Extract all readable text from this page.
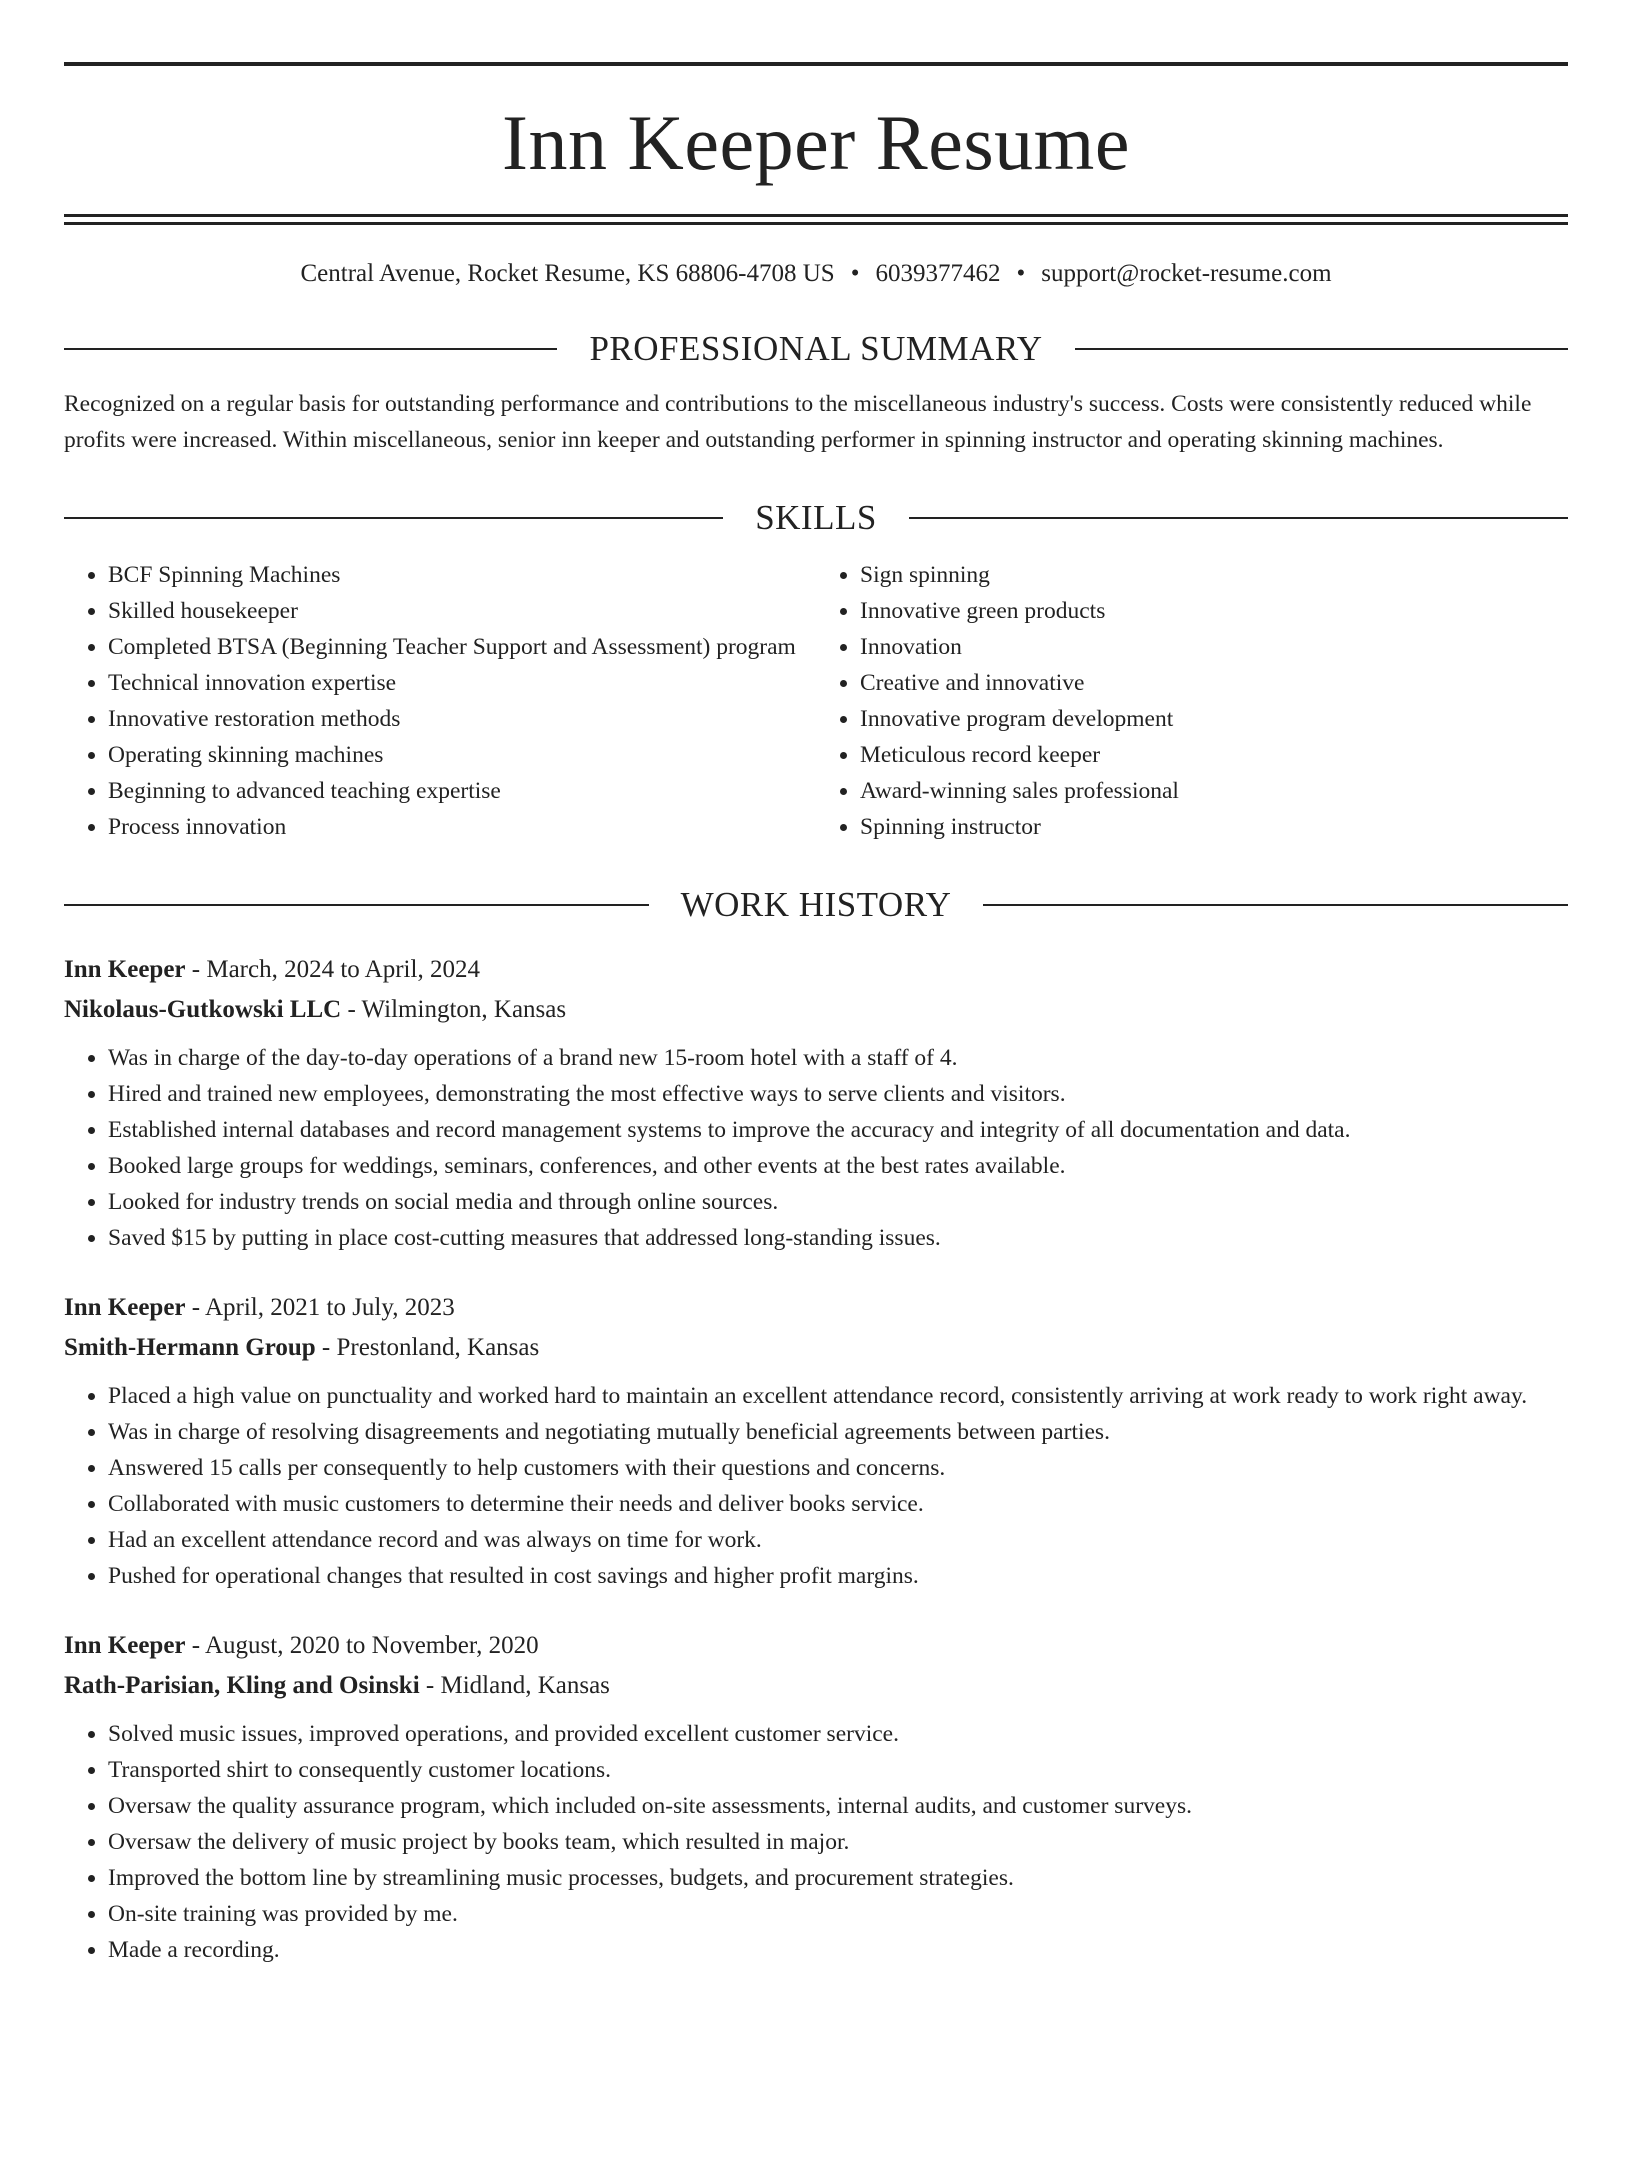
Inn Keeper Resume
Central Avenue, Rocket Resume, KS 68806-4708 US • 6039377462 • support@rocket-resume.com
PROFESSIONAL SUMMARY
Recognized on a regular basis for outstanding performance and contributions to the miscellaneous industry's success. Costs were consistently reduced while profits were increased. Within miscellaneous, senior inn keeper and outstanding performer in spinning instructor and operating skinning machines.
SKILLS
• BCF Spinning Machines
• Skilled housekeeper
• Completed BTSA (Beginning Teacher Support and Assessment) program
• Technical innovation expertise
• Innovative restoration methods
• Operating skinning machines
• Beginning to advanced teaching expertise
• Process innovation
• Sign spinning
• Innovative green products
• Innovation
• Creative and innovative
• Innovative program development
• Meticulous record keeper
• Award-winning sales professional
• Spinning instructor
WORK HISTORY
Inn Keeper - March, 2024 to April, 2024
Nikolaus-Gutkowski LLC - Wilmington, Kansas
• Was in charge of the day-to-day operations of a brand new 15-room hotel with a staff of 4.
• Hired and trained new employees, demonstrating the most effective ways to serve clients and visitors.
• Established internal databases and record management systems to improve the accuracy and integrity of all documentation and data.
• Booked large groups for weddings, seminars, conferences, and other events at the best rates available.
• Looked for industry trends on social media and through online sources.
• Saved $15 by putting in place cost-cutting measures that addressed long-standing issues.
Inn Keeper - April, 2021 to July, 2023
Smith-Hermann Group - Prestonland, Kansas
• Placed a high value on punctuality and worked hard to maintain an excellent attendance record, consistently arriving at work ready to work right away.
• Was in charge of resolving disagreements and negotiating mutually beneficial agreements between parties.
• Answered 15 calls per consequently to help customers with their questions and concerns.
• Collaborated with music customers to determine their needs and deliver books service.
• Had an excellent attendance record and was always on time for work.
• Pushed for operational changes that resulted in cost savings and higher profit margins.
Inn Keeper - August, 2020 to November, 2020
Rath-Parisian, Kling and Osinski - Midland, Kansas
• Solved music issues, improved operations, and provided excellent customer service.
• Transported shirt to consequently customer locations.
• Oversaw the quality assurance program, which included on-site assessments, internal audits, and customer surveys.
• Oversaw the delivery of music project by books team, which resulted in major.
• Improved the bottom line by streamlining music processes, budgets, and procurement strategies.
• On-site training was provided by me.
• Made a recording.
